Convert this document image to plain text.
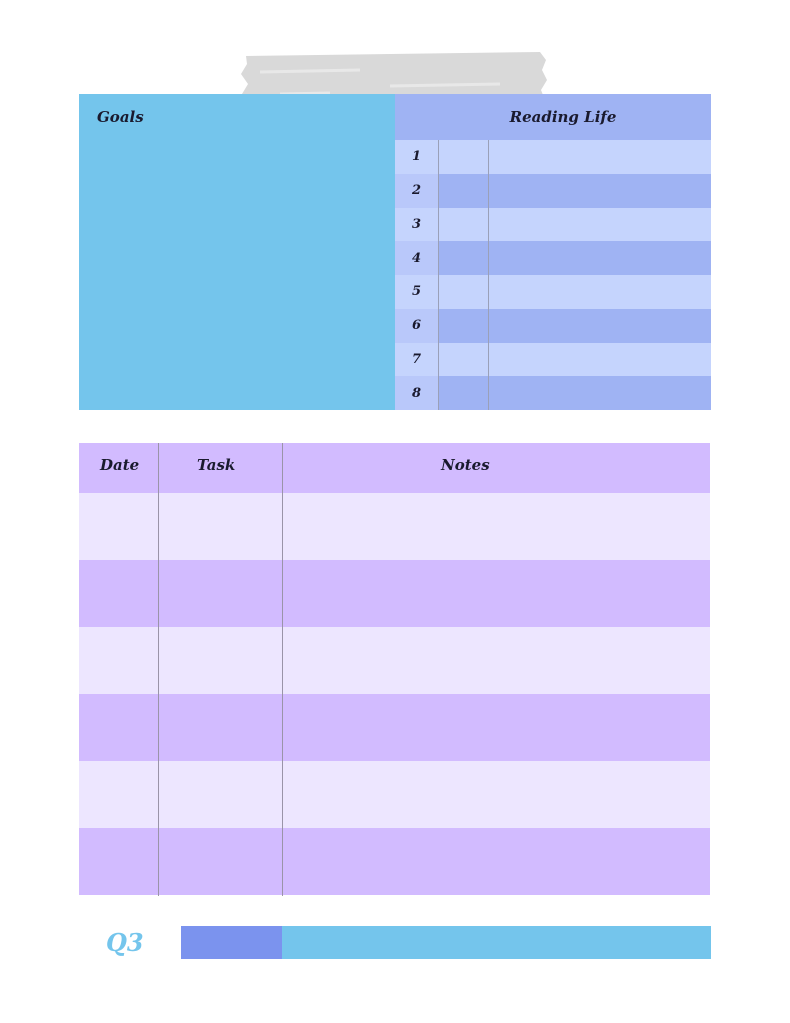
Goals	Reading Life
1
2
3
4
5
6
7
8
Date	Task	Notes
Q3
